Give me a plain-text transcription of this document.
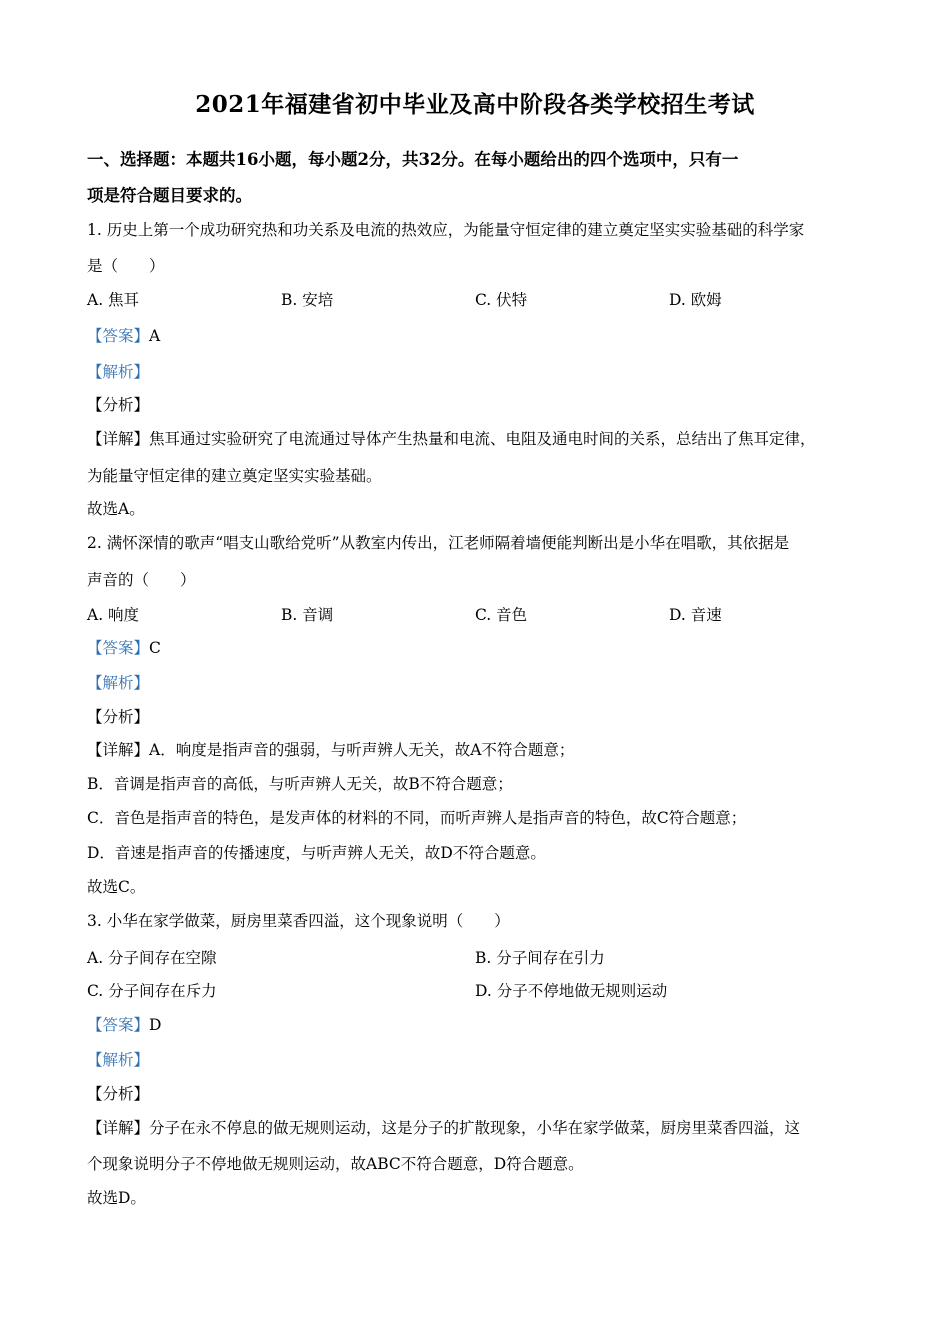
2021年福建省初中毕业及高中阶段各类学校招生考试
一、选择题：本题共16小题，每小题2分，共32分。在每小题给出的四个选项中，只有一
项是符合题目要求的。
1. 历史上第一个成功研究热和功关系及电流的热效应，为能量守恒定律的建立奠定坚实实验基础的科学家
是（　　）
A. 焦耳	B. 安培	C. 伏特	D. 欧姆
【答案】A
【解析】
【分析】
【详解】焦耳通过实验研究了电流通过导体产生热量和电流、电阻及通电时间的关系，总结出了焦耳定律，
为能量守恒定律的建立奠定坚实实验基础。
故选A。
2. 满怀深情的歌声“唱支山歌给党听”从教室内传出，江老师隔着墙便能判断出是小华在唱歌，其依据是
声音的（　　）
A. 响度	B. 音调	C. 音色	D. 音速
【答案】C
【解析】
【分析】
【详解】A．响度是指声音的强弱，与听声辨人无关，故A不符合题意；
B．音调是指声音的高低，与听声辨人无关，故B不符合题意；
C．音色是指声音的特色，是发声体的材料的不同，而听声辨人是指声音的特色，故C符合题意；
D．音速是指声音的传播速度，与听声辨人无关，故D不符合题意。
故选C。
3. 小华在家学做菜，厨房里菜香四溢，这个现象说明（　　）
A. 分子间存在空隙	B. 分子间存在引力
C. 分子间存在斥力	D. 分子不停地做无规则运动
【答案】D
【解析】
【分析】
【详解】分子在永不停息的做无规则运动，这是分子的扩散现象，小华在家学做菜，厨房里菜香四溢，这
个现象说明分子不停地做无规则运动，故ABC不符合题意，D符合题意。
故选D。
